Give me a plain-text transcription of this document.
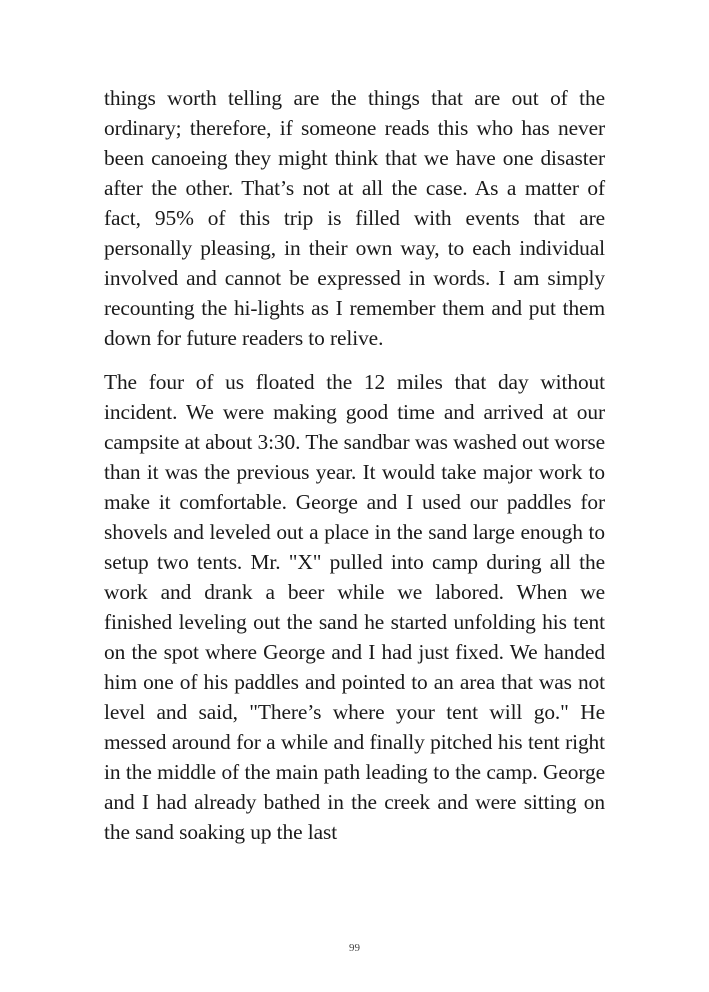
things worth telling are the things that are out of the ordinary; therefore, if someone reads this who has never been canoeing they might think that we have one disaster after the other. That’s not at all the case. As a matter of fact, 95% of this trip is filled with events that are personally pleasing, in their own way, to each individual involved and cannot be expressed in words. I am simply recounting the hi-lights as I remember them and put them down for future readers to relive.

The four of us floated the 12 miles that day without incident. We were making good time and arrived at our campsite at about 3:30. The sandbar was washed out worse than it was the previous year. It would take major work to make it comfortable. George and I used our paddles for shovels and leveled out a place in the sand large enough to setup two tents. Mr. "X" pulled into camp during all the work and drank a beer while we labored. When we finished leveling out the sand he started unfolding his tent on the spot where George and I had just fixed. We handed him one of his paddles and pointed to an area that was not level and said, "There’s where your tent will go." He messed around for a while and finally pitched his tent right in the middle of the main path leading to the camp. George and I had already bathed in the creek and were sitting on the sand soaking up the last

99
